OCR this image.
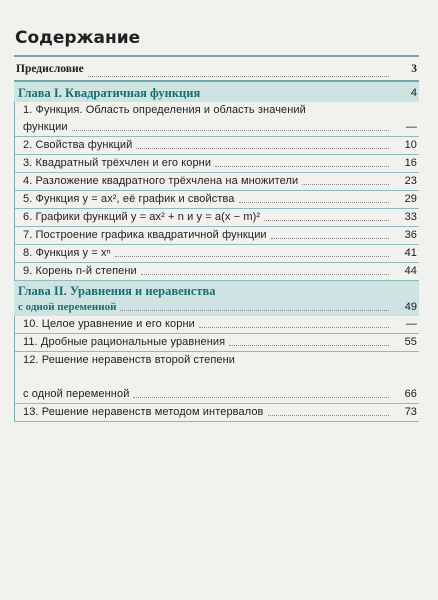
Содержание
Предисловие	3
Глава I. Квадратичная функция	4
1. Функция. Область определения и область значений
функции	—
2. Свойства функций	10
3. Квадратный трёхчлен и его корни	16
4. Разложение квадратного трёхчлена на множители	23
5. Функция y = ax², её график и свойства	29
6. Графики функций y = ax² + n и y = a(x − m)²	33
7. Построение графика квадратичной функции	36
8. Функция y = xⁿ	41
9. Корень n-й степени	44
Глава II. Уравнения и неравенства
с одной переменной	49
10. Целое уравнение и его корни	—
11. Дробные рациональные уравнения	55
12. Решение неравенств второй степени
с одной переменной	66
13. Решение неравенств методом интервалов	73
